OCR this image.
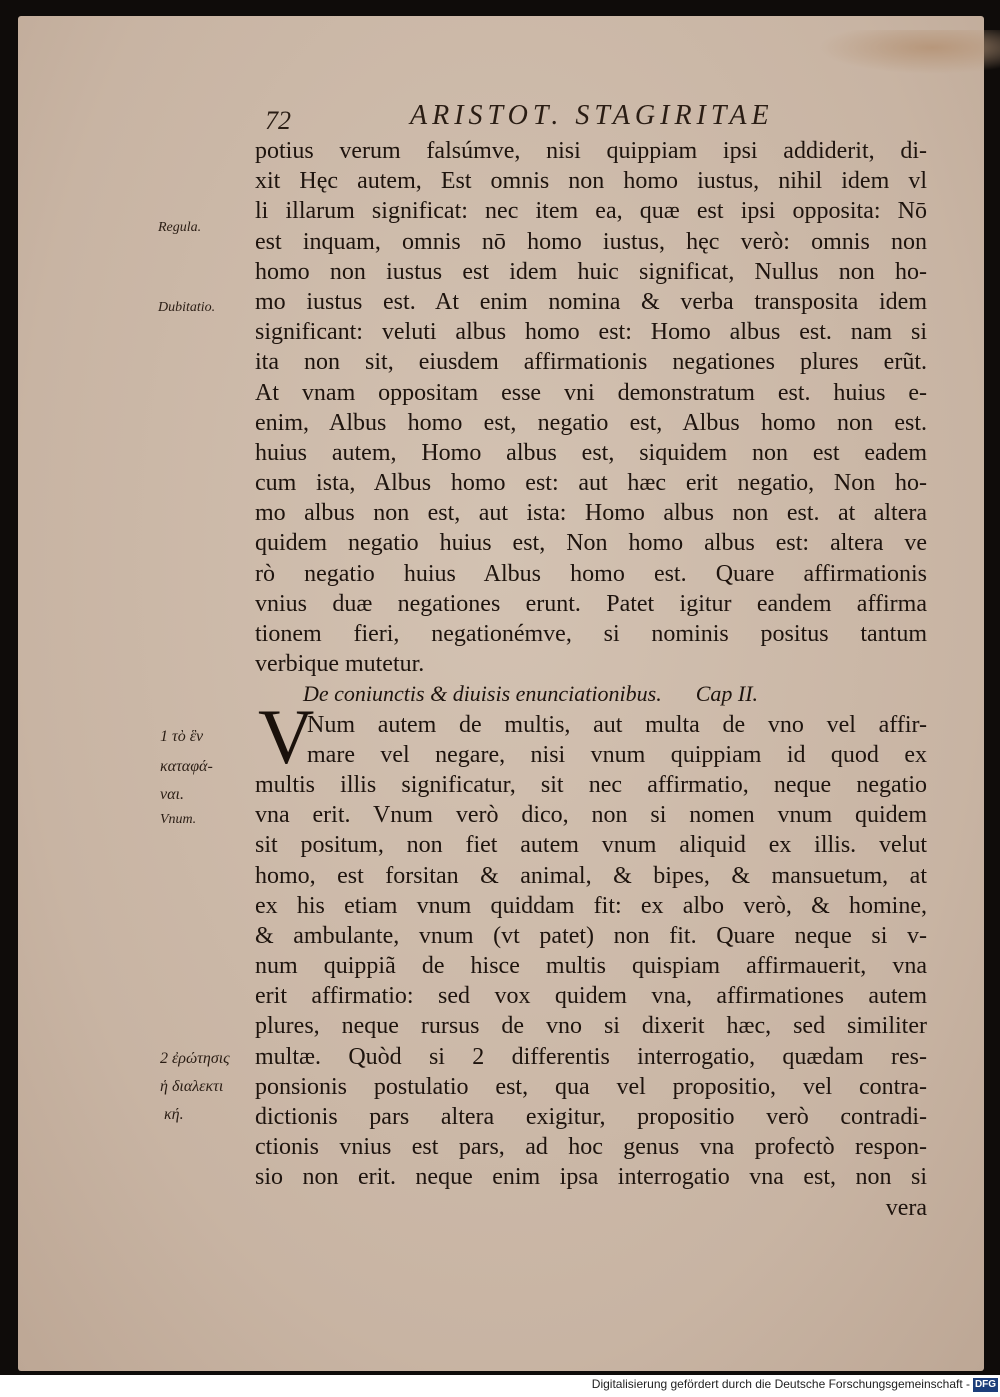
72	ARISTOT. STAGIRITAE
Regula.
Dubitatio.
1 τὸ ἓν
καταφά-
ναι.
Vnum.
2 ἐρώτησις
ἡ διαλεκτι
κή.
V
potius verum falsúmve, nisi quippiam ipsi addiderit, di-
xit Hęc autem, Est omnis non homo iustus, nihil idem vl
li illarum significat: nec item ea, quæ est ipsi opposita: Nō
est inquam, omnis nō homo iustus, hęc verò: omnis non
homo non iustus est idem huic significat, Nullus non ho-
mo iustus est. At enim nomina & verba transposita idem
significant: veluti albus homo est: Homo albus est. nam si
ita non sit, eiusdem affirmationis negationes plures erũt.
At vnam oppositam esse vni demonstratum est. huius e-
enim, Albus homo est, negatio est, Albus homo non est.
huius autem, Homo albus est, siquidem non est eadem
cum ista, Albus homo est: aut hæc erit negatio, Non ho-
mo albus non est, aut ista: Homo albus non est. at altera
quidem negatio huius est, Non homo albus est: altera ve
rò negatio huius Albus homo est. Quare affirmationis
vnius duæ negationes erunt. Patet igitur eandem affirma
tionem fieri, negationémve, si nominis positus tantum
verbique mutetur.
De coniunctis & diuisis enunciationibus. Cap II.
Num autem de multis, aut multa de vno vel affir-
mare vel negare, nisi vnum quippiam id quod ex
multis illis significatur, sit nec affirmatio, neque negatio
vna erit. Vnum verò dico, non si nomen vnum quidem
sit positum, non fiet autem vnum aliquid ex illis. velut
homo, est forsitan & animal, & bipes, & mansuetum, at
ex his etiam vnum quiddam fit: ex albo verò, & homine,
& ambulante, vnum (vt patet) non fit. Quare neque si v-
num quippiã de hisce multis quispiam affirmauerit, vna
erit affirmatio: sed vox quidem vna, affirmationes autem
plures, neque rursus de vno si dixerit hæc, sed similiter
multæ. Quòd si 2 differentis interrogatio, quædam res-
ponsionis postulatio est, qua vel propositio, vel contra-
dictionis pars altera exigitur, propositio verò contradi-
ctionis vnius est pars, ad hoc genus vna profectò respon-
sio non erit. neque enim ipsa interrogatio vna est, non si
vera
Digitalisierung gefördert durch die Deutsche Forschungsgemeinschaft - DFG
